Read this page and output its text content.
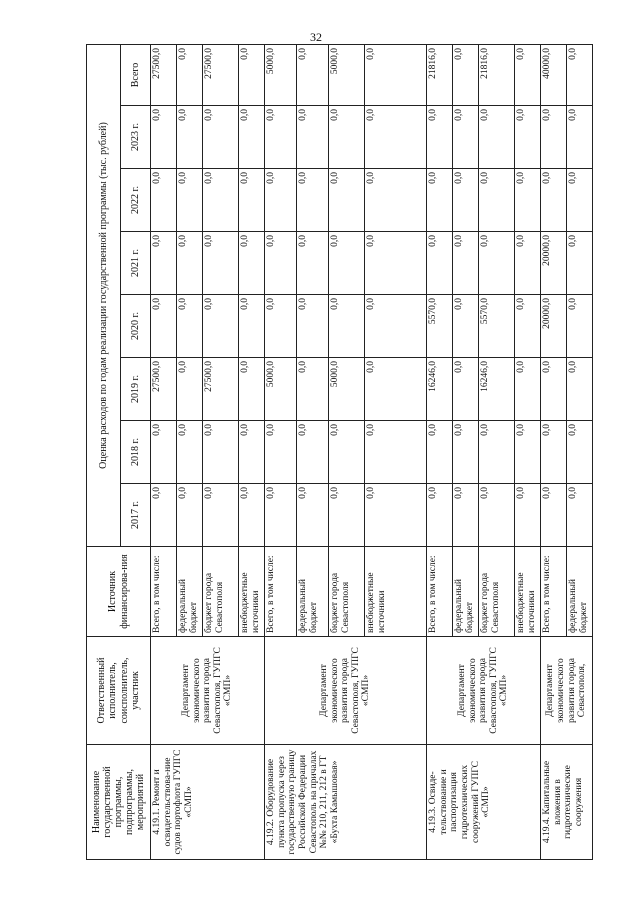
32
Наименование государственной программы, подпрограммы, мероприятий	Ответственный исполнитель, соисполнитель, участник	Источник финансирова-ния	Оценка расходов по годам реализации государственной программы (тыс. рублей)							
			2017 г.	2018 г.	2019 г.	2020 г.	2021 г.	2022 г.	2023 г.	Всего
4.19.1. Ремонт и освидетельствова-ние судов портофлота ГУПГС «СМП»	Департамент экономического развития города Севастополя, ГУПГС «СМП»	Всего, в том числе:	0,0	0,0	27500,0	0,0	0,0	0,0	0,0	27500,0
		федеральный бюджет	0,0	0,0	0,0	0,0	0,0	0,0	0,0	0,0
		бюджет города Севастополя	0,0	0,0	27500,0	0,0	0,0	0,0	0,0	27500,0
		внебюджетные источники	0,0	0,0	0,0	0,0	0,0	0,0	0,0	0,0
4.19.2. Оборудование пункта пропуска через государственную границу Российской Федерации Севастополь на причалах №№ 210, 211, 212 в ГТ «Бухта Камышовая»	Департамент экономического развития города Севастополя, ГУПГС «СМП»	Всего, в том числе:	0,0	0,0	5000,0	0,0	0,0	0,0	0,0	5000,0
		федеральный бюджет	0,0	0,0	0,0	0,0	0,0	0,0	0,0	0,0
		бюджет города Севастополя	0,0	0,0	5000,0	0,0	0,0	0,0	0,0	5000,0
		внебюджетные источники	0,0	0,0	0,0	0,0	0,0	0,0	0,0	0,0
4.19.3. Освиде-тельствование и паспортизация гидротехнических сооружений ГУПГС «СМП»	Департамент экономического развития города Севастополя, ГУПГС «СМП»	Всего, в том числе:	0,0	0,0	16246,0	5570,0	0,0	0,0	0,0	21816,0
		федеральный бюджет	0,0	0,0	0,0	0,0	0,0	0,0	0,0	0,0
		бюджет города Севастополя	0,0	0,0	16246,0	5570,0	0,0	0,0	0,0	21816,0
		внебюджетные источники	0,0	0,0	0,0	0,0	0,0	0,0	0,0	0,0
4.19.4. Капитальные вложения в гидротехнические сооружения	Департамент экономического развития города Севастополя,	Всего, в том числе:	0,0	0,0	0,0	20000,0	20000,0	0,0	0,0	40000,0
		федеральный бюджет	0,0	0,0	0,0	0,0	0,0	0,0	0,0	0,0
